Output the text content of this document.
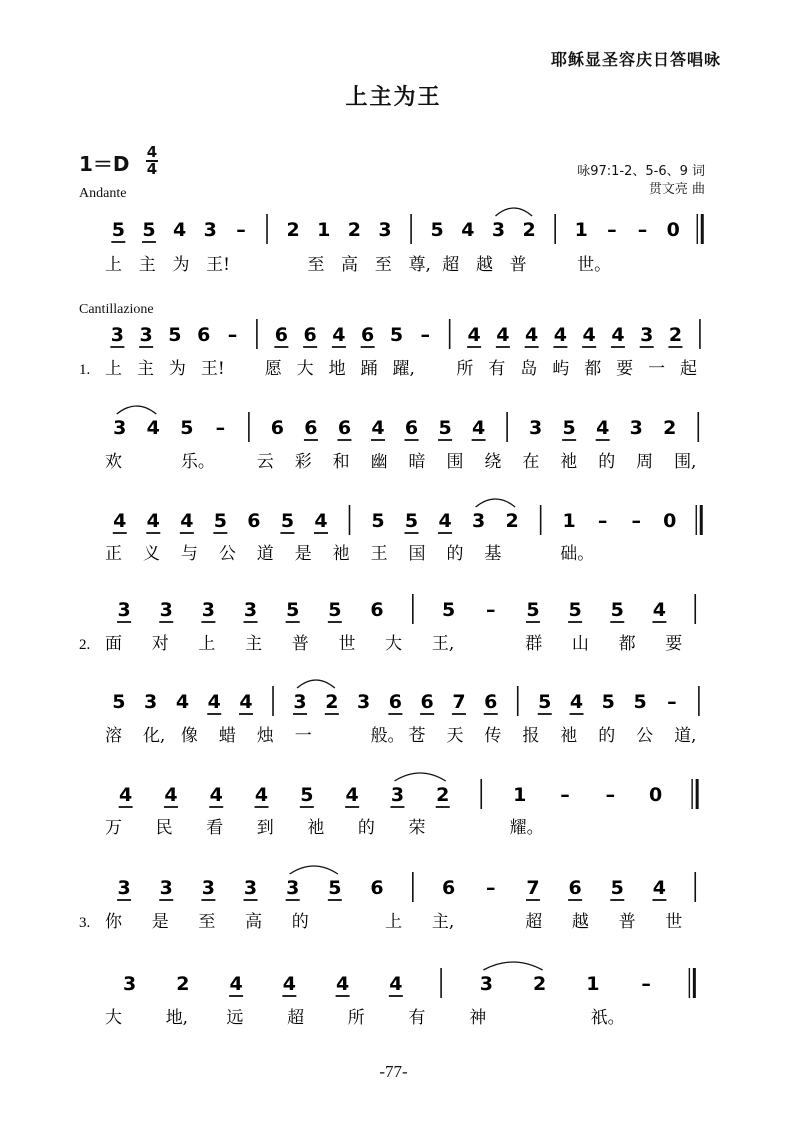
耶稣显圣容庆日答唱咏
上主为王
1＝D 4
4
Andante
咏97:1-2、5-6、9 词
贯文亮 曲
Cantillazione
5 5 4 3 – 2 1 2 3 5 4 3 2 1 – – 0
上 主 为 王!	至 高 至 尊, 超 越 普	世。
3 3 5 6 – 6 6 4 6 5 – 4 4 4 4 4 4 3 2
1. 上 主 为 王! 愿 大 地 踊 躍, 所 有 岛 屿 都 要 一 起
3 4 5 – 6 6 6 4 6 5 4 3 5 4 3 2
欢	乐。 云 彩 和 幽 暗 围 绕 在 祂 的 周 围,
4 4 4 5 6 5 4 5 5 4 3 2 1 – – 0
正 义 与 公 道 是 祂 王 国 的 基	础。
3 3 3 3 5 5 6	5 – 5 5 5 4
2. 面 对 上 主 普 世 大 王,	群 山 都 要
5 3 4 4 4 3 2 3 6 6 7 6 5 4 5 5 –
溶 化, 像 蜡 烛 一	般。 苍 天 传 报 祂 的 公 道,
4 4 4 4 5 4 3 2	1 – – 0
万 民 看 到 祂 的 荣	耀。
3 3 3 3 3 5 6	6 – 7 6 5 4
3. 你 是 至 高 的	上 主,	超 越 普 世
3 2 4 4 4 4	3 2 1 –
大	地, 远	超	所	有	神	祇。
-77-
